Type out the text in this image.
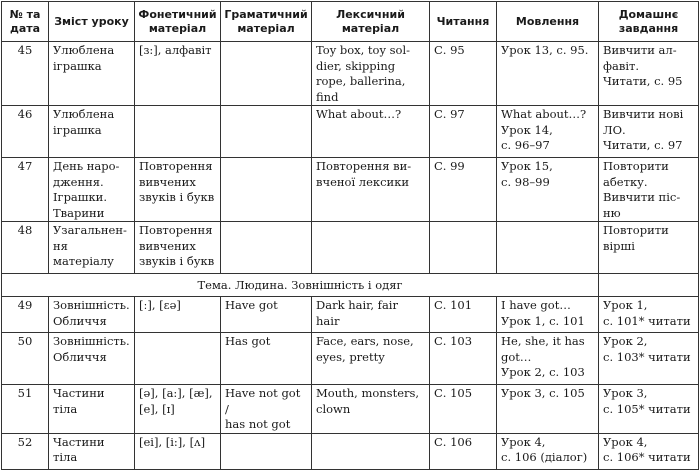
№ та дата	Зміст уроку	Фонетичний матеріал	Граматичний матеріал	Лексичний матеріал	Читання	Мовлення	Домашнє завдання
45	Улюблена іграшка	[ɜ:], алфавіт		Toy box, toy sol-
dier, skipping
rope, ballerina,
find	С. 95	Урок 13, с. 95.	Вивчити ал-
фавіт.
Читати, с. 95
46	Улюблена іграшка			What about…?	С. 97	What about…?
Урок 14,
с. 96–97	Вивчити нові
ЛО.
Читати, с. 97
47	День наро-
дження. Іграшки.
Тварини	Повторення
вивчених
звуків і букв		Повторення ви-
вченої лексики	С. 99	Урок 15,
с. 98–99	Повторити
абетку.
Вивчити піс-
ню
48	Узагальнен-
ня матеріалу	Повторення
вивчених
звуків і букв					Повторити
вірші
Тема. Людина. Зовнішність і одяг							
49	Зовнішність.
Обличчя	[ː], [ɛə]	Have got	Dark hair, fair
hair	С. 101	I have got…
Урок 1, с. 101	Урок 1,
с. 101* читати
50	Зовнішність.
Обличчя		Has got	Face, ears, nose,
eyes, pretty	С. 103	He, she, it has
got…
Урок 2, с. 103	Урок 2,
с. 103* читати
51	Частини тіла	[ə], [a:], [æ],
[e], [ɪ]	Have not got /
has not got	Mouth, monsters,
clown	С. 105	Урок 3, с. 105	Урок 3,
с. 105* читати
52	Частини тіла	[ei], [i:], [ʌ]			С. 106	Урок 4,
с. 106 (діалог)	Урок 4,
с. 106* читати
